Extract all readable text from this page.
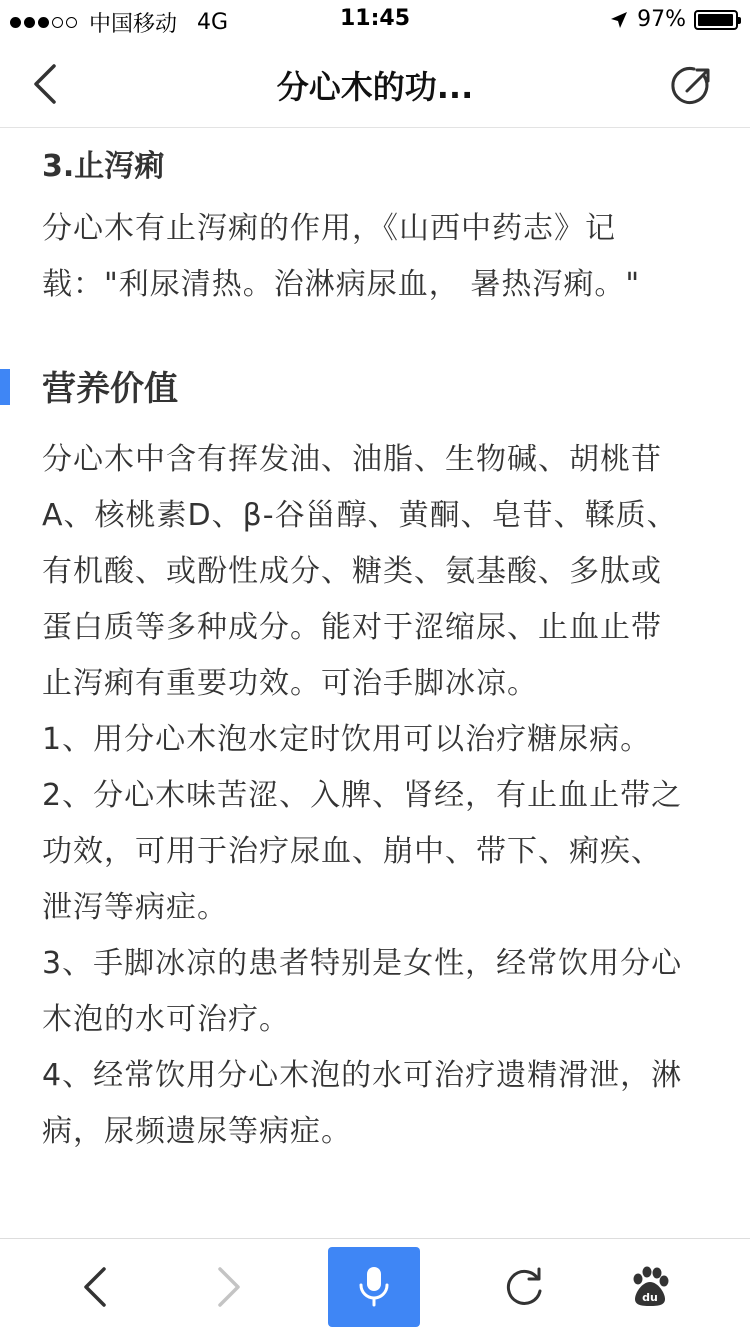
中国移动 4G	11:45	97%
分心木的功...
3.止泻痢
分心木有止泻痢的作用，《山西中药志》记
载："利尿清热。治淋病尿血， 暑热泻痢。"
营养价值
分心木中含有挥发油、油脂、生物碱、胡桃苷
A、核桃素D、β-谷甾醇、黄酮、皂苷、鞣质、
有机酸、或酚性成分、糖类、氨基酸、多肽或
蛋白质等多种成分。能对于涩缩尿、止血止带
止泻痢有重要功效。可治手脚冰凉。
1、用分心木泡水定时饮用可以治疗糖尿病。
2、分心木味苦涩、入脾、肾经，有止血止带之
功效，可用于治疗尿血、崩中、带下、痢疾、
泄泻等病症。
3、手脚冰凉的患者特别是女性，经常饮用分心
木泡的水可治疗。
4、经常饮用分心木泡的水可治疗遗精滑泄，淋
病，尿频遗尿等病症。
du
